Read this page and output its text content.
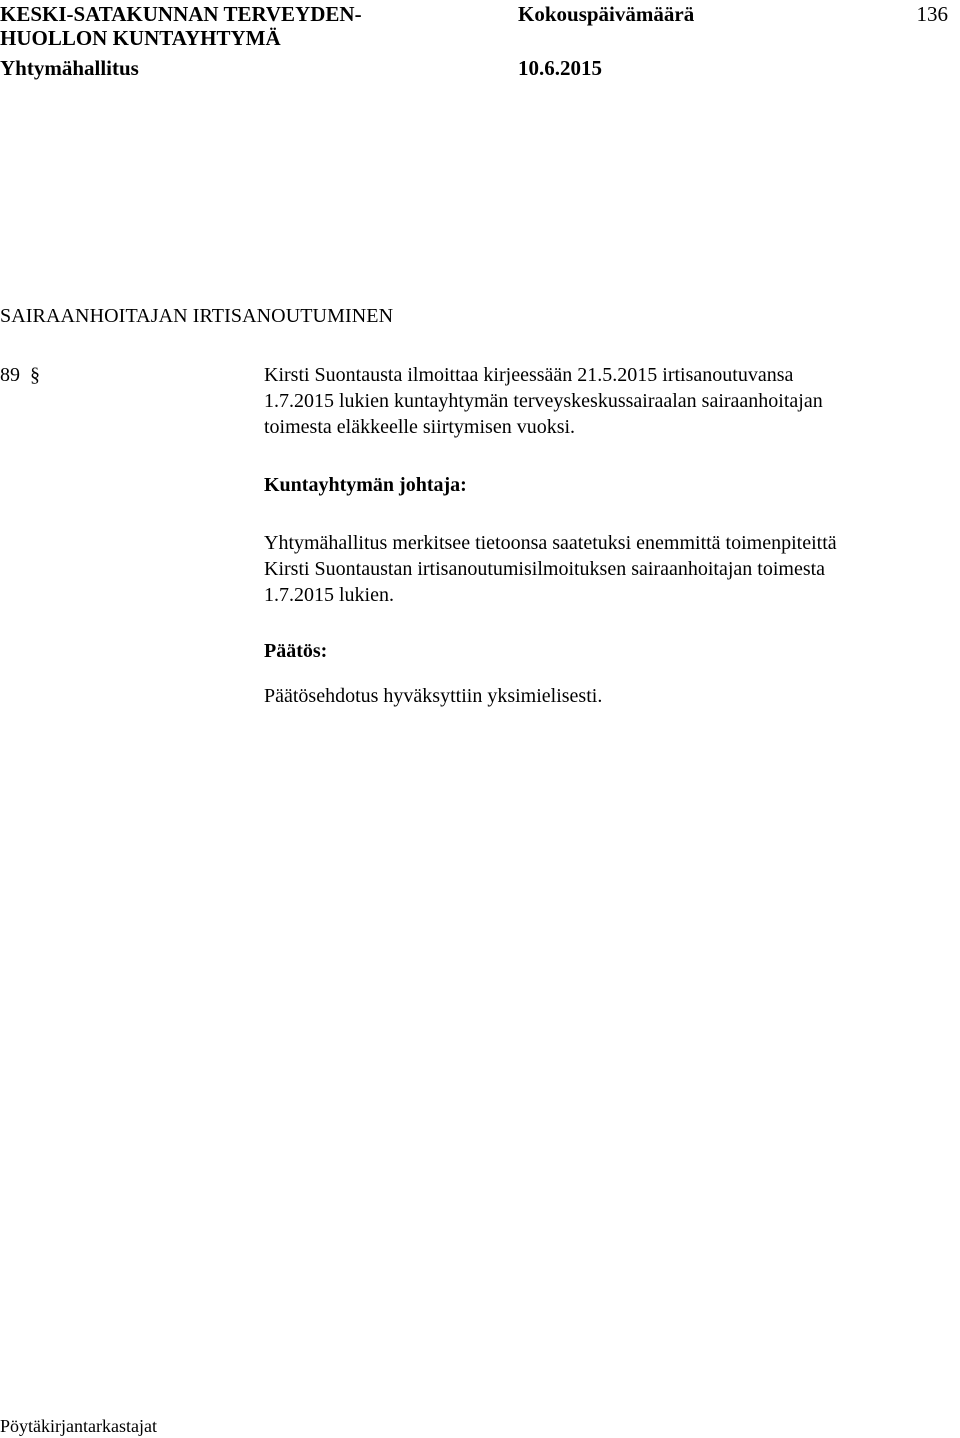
KESKI-SATAKUNNAN TERVEYDEN-
HUOLLON KUNTAYHTYMÄ
Yhtymähallitus
Kokouspäivämäärä
10.6.2015
136
SAIRAANHOITAJAN IRTISANOUTUMINEN
89 §	Kirsti Suontausta ilmoittaa kirjeessään 21.5.2015 irtisanoutuvansa
1.7.2015 lukien kuntayhtymän terveyskeskussairaalan sairaanhoitajan
toimesta eläkkeelle siirtymisen vuoksi.
Kuntayhtymän johtaja:
Yhtymähallitus merkitsee tietoonsa saatetuksi enemmittä toimenpiteittä
Kirsti Suontaustan irtisanoutumisilmoituksen sairaanhoitajan toimesta
1.7.2015 lukien.
Päätös:
Päätösehdotus hyväksyttiin yksimielisesti.
Pöytäkirjantarkastajat
